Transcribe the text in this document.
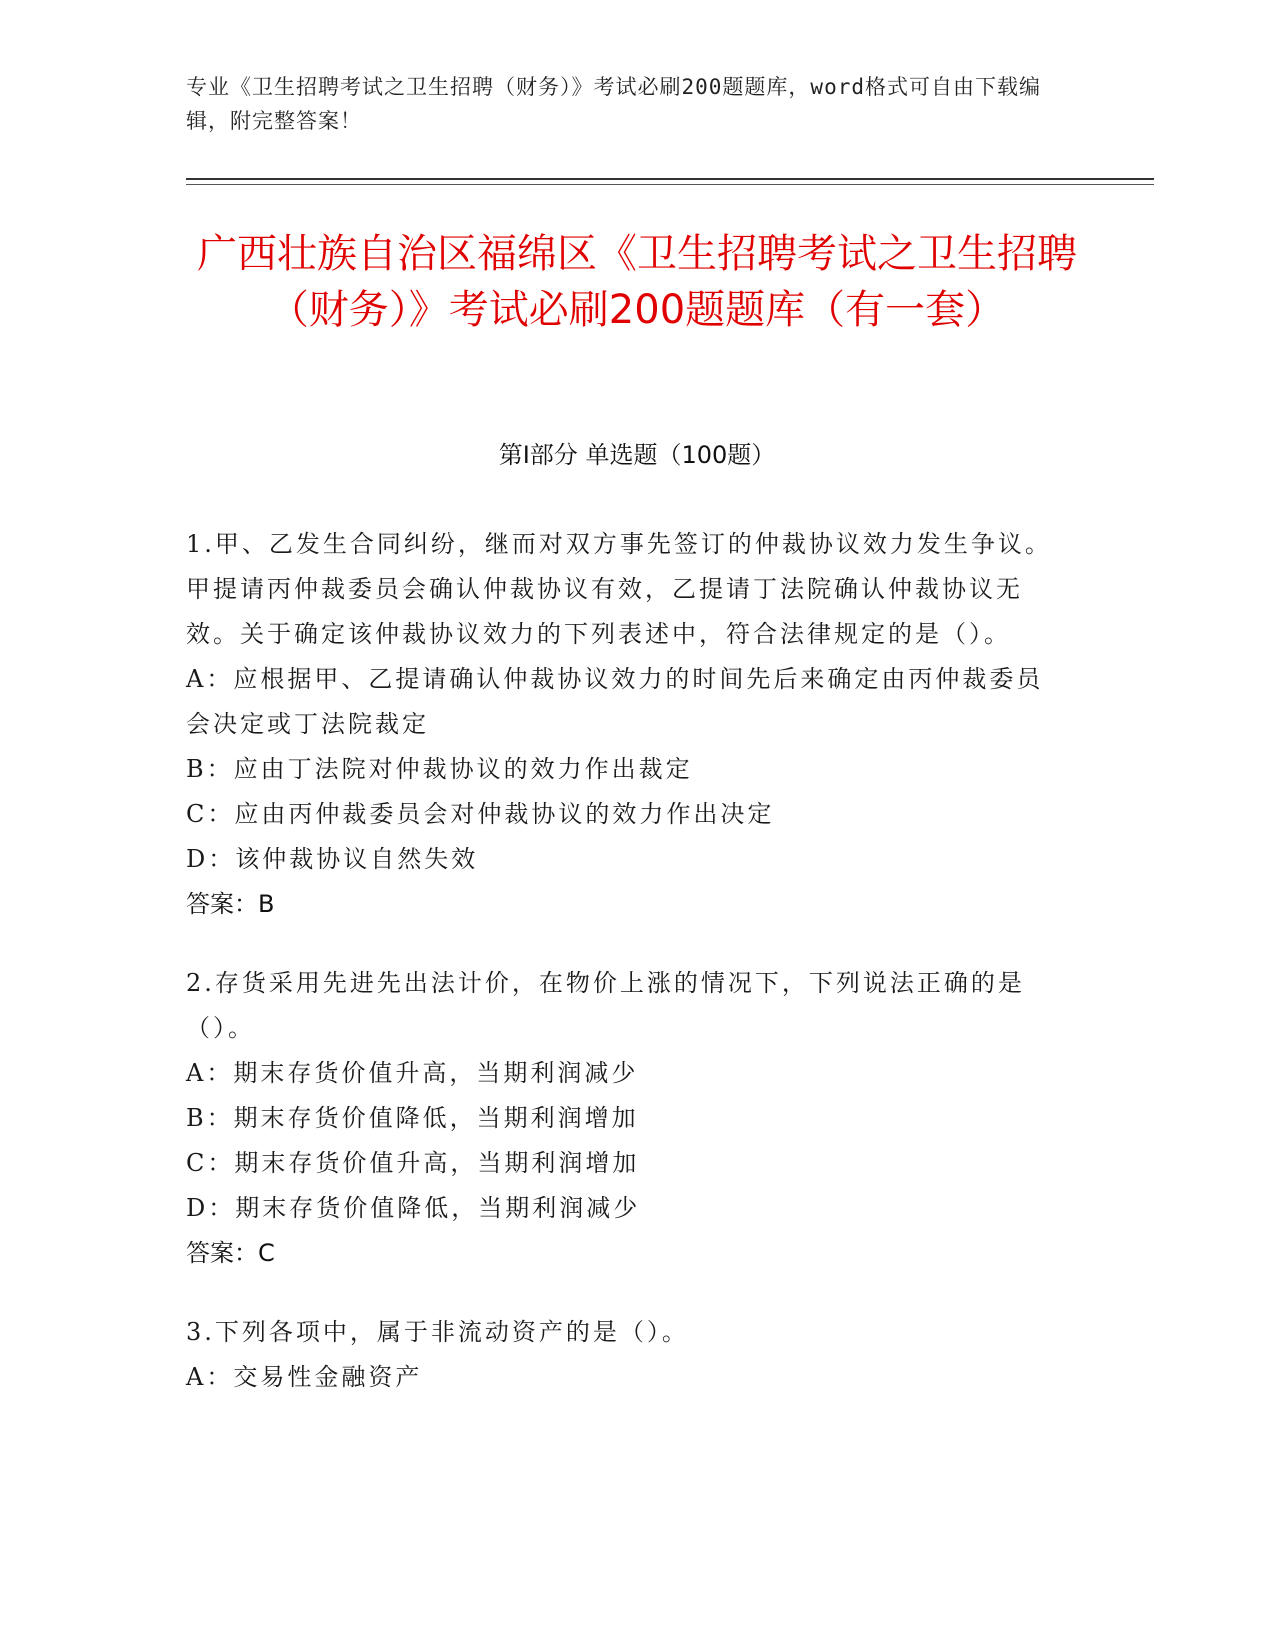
专业《卫生招聘考试之卫生招聘（财务）》考试必刷200题题库，word格式可自由下载编辑，附完整答案！
广西壮族自治区福绵区《卫生招聘考试之卫生招聘（财务）》考试必刷200题题库（有一套）
第Ⅰ部分 单选题（100题）
1.甲、乙发生合同纠纷，继而对双方事先签订的仲裁协议效力发生争议。甲提请丙仲裁委员会确认仲裁协议有效，乙提请丁法院确认仲裁协议无效。关于确定该仲裁协议效力的下列表述中，符合法律规定的是（）。
A：应根据甲、乙提请确认仲裁协议效力的时间先后来确定由丙仲裁委员会决定或丁法院裁定
B：应由丁法院对仲裁协议的效力作出裁定
C：应由丙仲裁委员会对仲裁协议的效力作出决定
D：该仲裁协议自然失效
答案：B
2.存货采用先进先出法计价，在物价上涨的情况下，下列说法正确的是（）。
A：期末存货价值升高，当期利润减少
B：期末存货价值降低，当期利润增加
C：期末存货价值升高，当期利润增加
D：期末存货价值降低，当期利润减少
答案：C
3.下列各项中，属于非流动资产的是（）。
A：交易性金融资产
